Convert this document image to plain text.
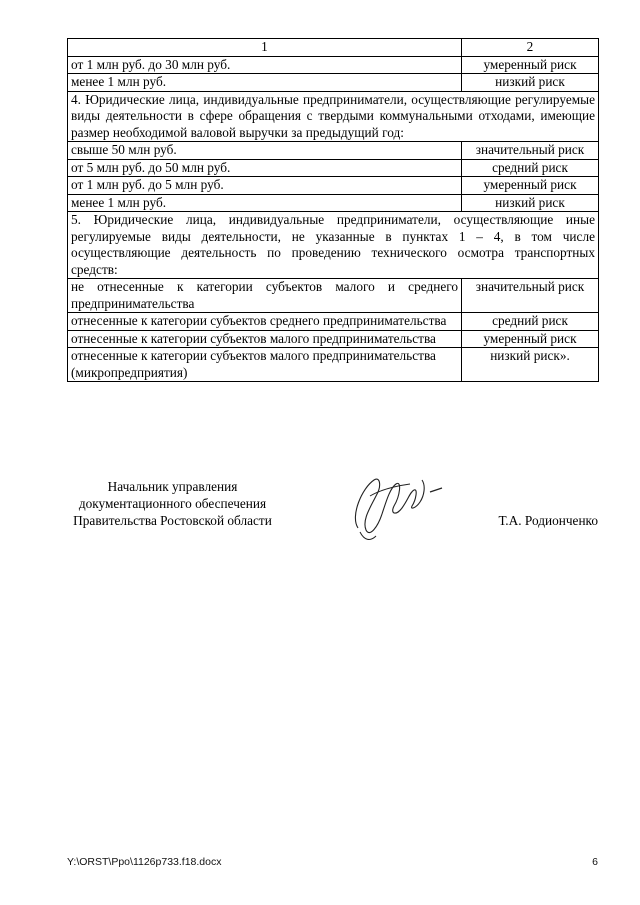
1	2
от 1 млн руб. до 30 млн руб.	умеренный риск
менее 1 млн руб.	низкий риск

4. Юридические лица, индивидуальные предприниматели, осуществляющие регулируемые виды деятельности в сфере обращения с твердыми коммунальными отходами, имеющие размер необходимой валовой выручки за предыдущий год:	

свыше 50 млн руб.	значительный риск
от 5 млн руб. до 50 млн руб.	средний риск
от 1 млн руб. до 5 млн руб.	умеренный риск
менее 1 млн руб.	низкий риск

5. Юридические лица, индивидуальные предприниматели, осуществляющие иные регулируемые виды деятельности, не указанные в пунктах 1 – 4, в том числе осуществляющие деятельность по проведению технического осмотра транспортных средств:	

не отнесенные к категории субъектов малого и среднего предпринимательства	значительный риск
отнесенные к категории субъектов среднего предпринимательства	средний риск
отнесенные к категории субъектов малого предпринимательства	умеренный риск
отнесенные к категории субъектов малого предпринимательства (микропредприятия)	низкий риск».
Начальник управления
документационного обеспечения
Правительства Ростовской области	Т.А. Родионченко
Y:\ORST\Ppo\1126p733.f18.docx	6
